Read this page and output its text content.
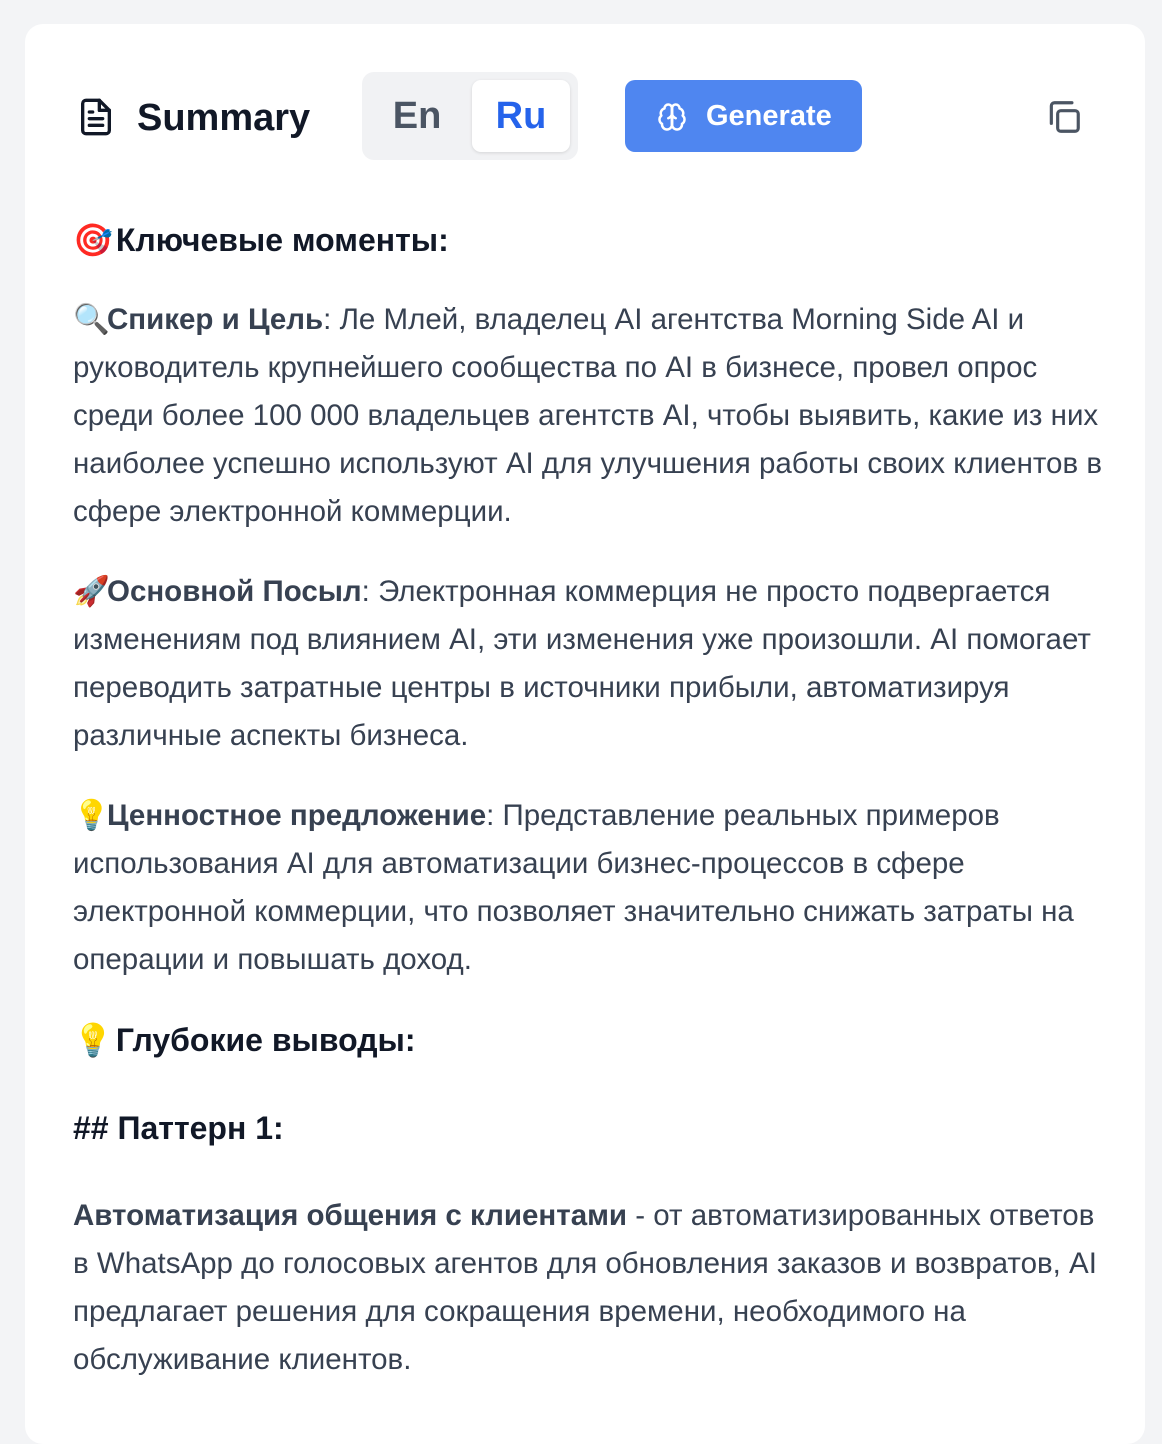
Summary	En	Ru	Generate
🎯 Ключевые моменты:
🔍Спикер и Цель: Ле Млей, владелец AI агентства Morning Side AI и руководитель крупнейшего сообщества по AI в бизнесе, провел опрос среди более 100 000 владельцев агентств AI, чтобы выявить, какие из них наиболее успешно используют AI для улучшения работы своих клиентов в сфере электронной коммерции.
🚀Основной Посыл: Электронная коммерция не просто подвергается изменениям под влиянием AI, эти изменения уже произошли. AI помогает переводить затратные центры в источники прибыли, автоматизируя различные аспекты бизнеса.
💡Ценностное предложение: Представление реальных примеров использования AI для автоматизации бизнес-процессов в сфере электронной коммерции, что позволяет значительно снижать затраты на операции и повышать доход.
💡 Глубокие выводы:
## Паттерн 1:
Автоматизация общения с клиентами - от автоматизированных ответов в WhatsApp до голосовых агентов для обновления заказов и возвратов, AI предлагает решения для сокращения времени, необходимого на обслуживание клиентов.
